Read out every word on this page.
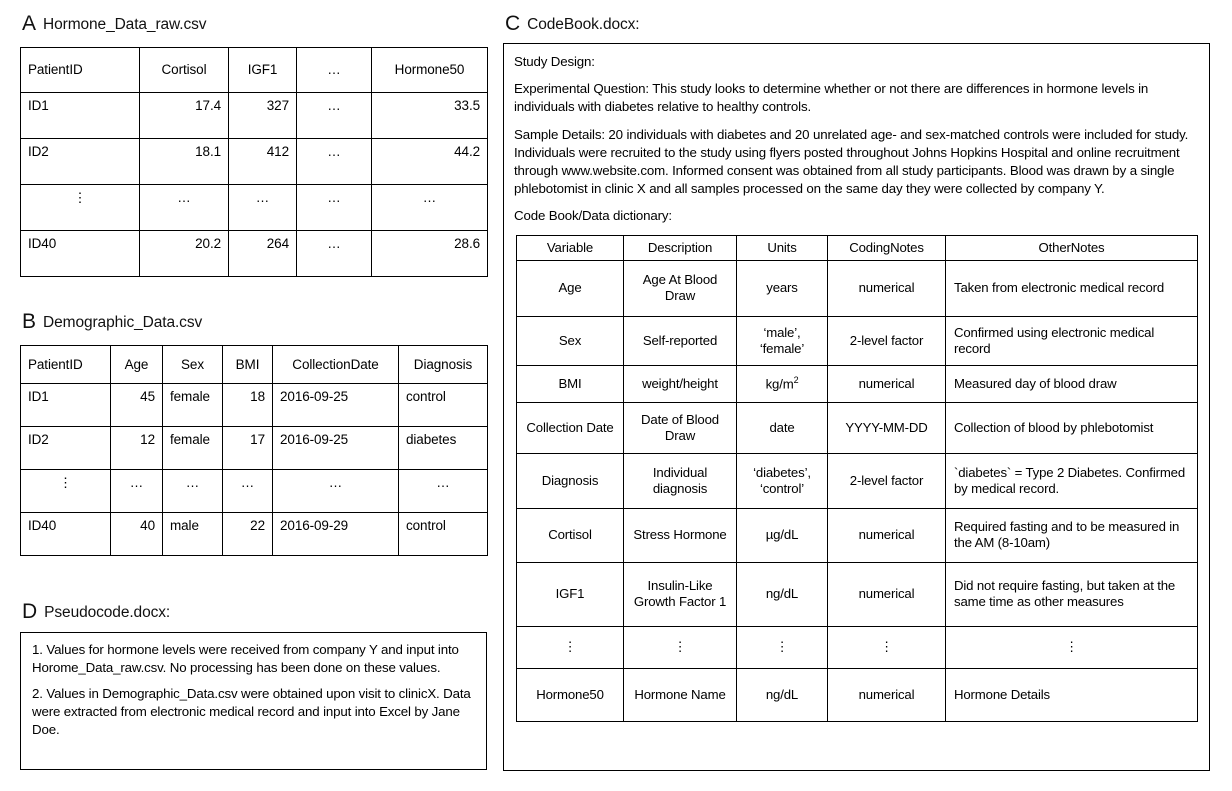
A Hormone_Data_raw.csv
PatientID	Cortisol	IGF1	…	Hormone50
ID1	17.4	327	…	33.5
ID2	18.1	412	…	44.2
⋮	…	…	…	…
ID40	20.2	264	…	28.6
B Demographic_Data.csv
PatientID	Age	Sex	BMI	CollectionDate	Diagnosis
ID1	45	female	18	2016-09-25	control
ID2	12	female	17	2016-09-25	diabetes
⋮	…	…	…	…	…
ID40	40	male	22	2016-09-29	control
D Pseudocode.docx:

1. Values for hormone levels were received from company Y and input into Horome_Data_raw.csv. No processing has been done on these values.

2. Values in Demographic_Data.csv were obtained upon visit to clinicX. Data were extracted from electronic medical record and input into Excel by Jane Doe.

C CodeBook.docx:

Study Design:

Experimental Question: This study looks to determine whether or not there are differences in hormone levels in individuals with diabetes relative to healthy controls.

Sample Details: 20 individuals with diabetes and 20 unrelated age- and sex-matched controls were included for study. Individuals were recruited to the study using flyers posted throughout Johns Hopkins Hospital and online recruitment through www.website.com. Informed consent was obtained from all study participants. Blood was drawn by a single phlebotomist in clinic X and all samples processed on the same day they were collected by company Y.

Code Book/Data dictionary:

Variable	Description	Units	CodingNotes	OtherNotes
Age	Age At Blood Draw	years	numerical	Taken from electronic medical record
Sex	Self-reported	‘male’, ‘female’	2-level factor	Confirmed using electronic medical record
BMI	weight/height	$kg/m^2$	numerical	Measured day of blood draw
Collection Date	Date of Blood Draw	date	YYYY-MM-DD	Collection of blood by phlebotomist
Diagnosis	Individual diagnosis	‘diabetes’, ‘control’	2-level factor	`diabetes` = Type 2 Diabetes. Confirmed by medical record.
Cortisol	Stress Hormone	µg/dL	numerical	Required fasting and to be measured in the AM (8-10am)
IGF1	Insulin-Like Growth Factor 1	ng/dL	numerical	Did not require fasting, but taken at the same time as other measures
⋮	⋮	⋮	⋮	⋮
Hormone50	Hormone Name	ng/dL	numerical	Hormone Details
